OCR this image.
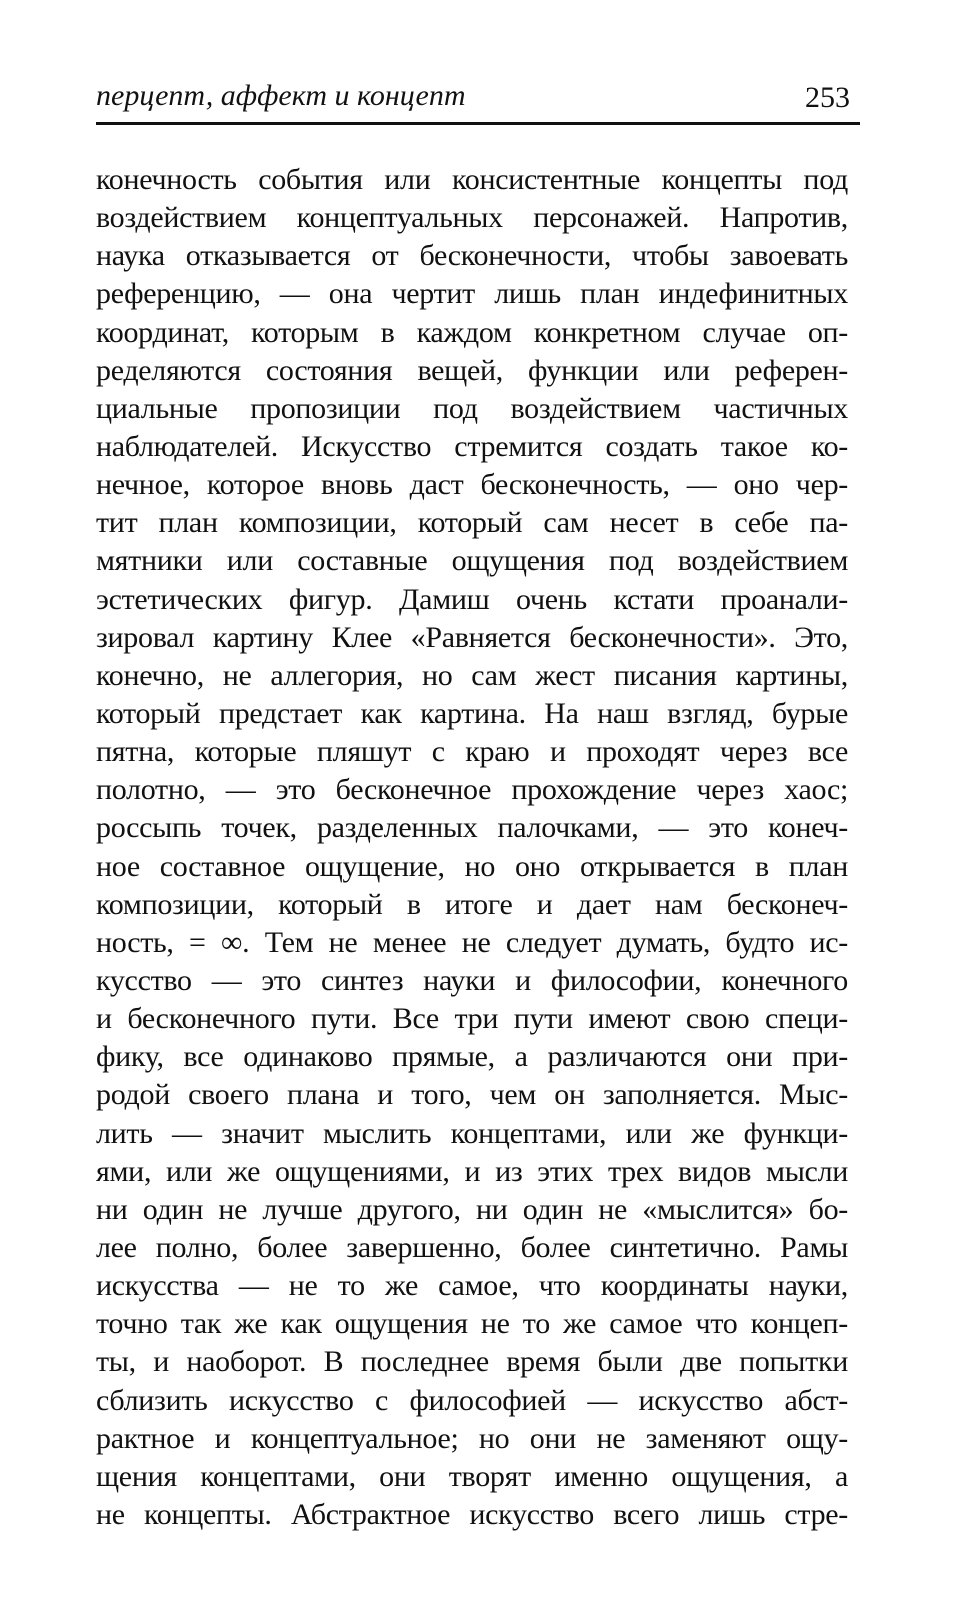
перцепт, аффект и концепт	253
конечность события или консистентные концепты под
воздействием концептуальных персонажей. Напротив,
наука отказывается от бесконечности, чтобы завоевать
референцию, — она чертит лишь план индефинитных
координат, которым в каждом конкретном случае оп-
ределяются состояния вещей, функции или референ-
циальные пропозиции под воздействием частичных
наблюдателей. Искусство стремится создать такое ко-
нечное, которое вновь даст бесконечность, — оно чер-
тит план композиции, который сам несет в себе па-
мятники или составные ощущения под воздействием
эстетических фигур. Дамиш очень кстати проанали-
зировал картину Клее «Равняется бесконечности». Это,
конечно, не аллегория, но сам жест писания картины,
который предстает как картина. На наш взгляд, бурые
пятна, которые пляшут с краю и проходят через все
полотно, — это бесконечное прохождение через хаос;
россыпь точек, разделенных палочками, — это конеч-
ное составное ощущение, но оно открывается в план
композиции, который в итоге и дает нам бесконеч-
ность, = ∞. Тем не менее не следует думать, будто ис-
кусство — это синтез науки и философии, конечного
и бесконечного пути. Все три пути имеют свою специ-
фику, все одинаково прямые, а различаются они при-
родой своего плана и того, чем он заполняется. Мыс-
лить — значит мыслить концептами, или же функци-
ями, или же ощущениями, и из этих трех видов мысли
ни один не лучше другого, ни один не «мыслится» бо-
лее полно, более завершенно, более синтетично. Рамы
искусства — не то же самое, что координаты науки,
точно так же как ощущения не то же самое что концеп-
ты, и наоборот. В последнее время были две попытки
сблизить искусство с философией — искусство абст-
рактное и концептуальное; но они не заменяют ощу-
щения концептами, они творят именно ощущения, а
не концепты. Абстрактное искусство всего лишь стре-
